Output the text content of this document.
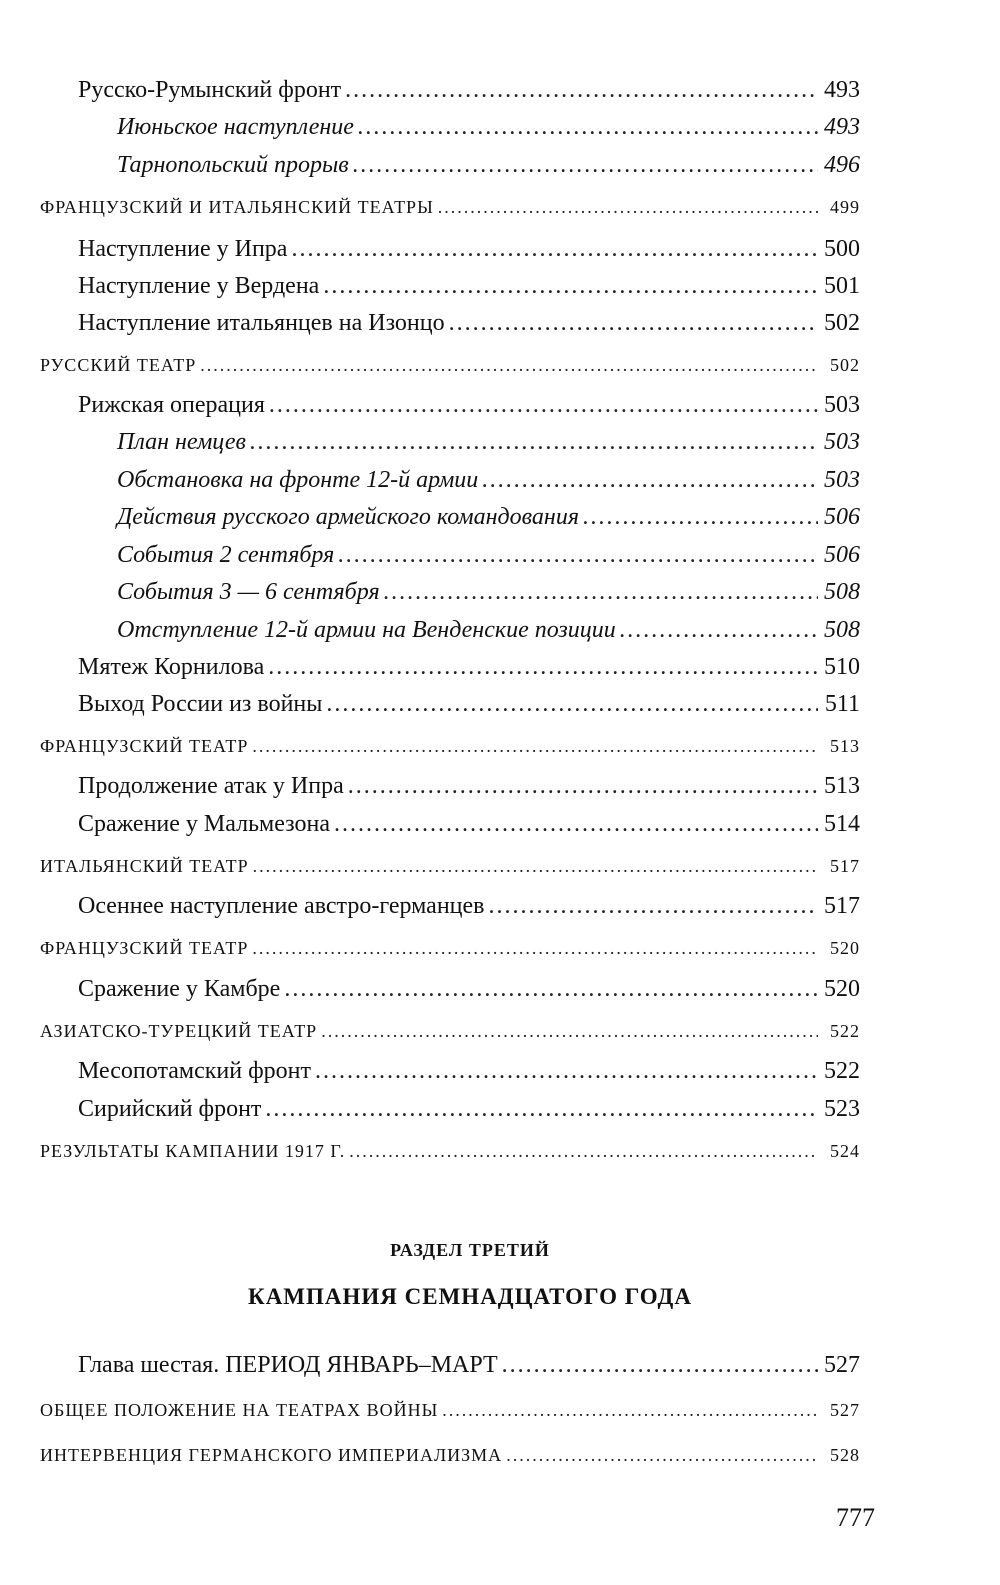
Русско-Румынский фронт .....	493
Июньское наступление .....	493
Тарнопольский прорыв .....	496
ФРАНЦУЗСКИЙ И ИТАЛЬЯНСКИЙ ТЕАТРЫ .....	499
Наступление у Ипра .....	500
Наступление у Вердена .....	501
Наступление итальянцев на Изонцо .....	502
РУССКИЙ ТЕАТР .....	502
Рижская операция .....	503
План немцев .....	503
Обстановка на фронте 12-й армии .....	503
Действия русского армейского командования .....	506
События 2 сентября .....	506
События 3 — 6 сентября .....	508
Отступление 12-й армии на Венденские позиции .....	508
Мятеж Корнилова .....	510
Выход России из войны .....	511
ФРАНЦУЗСКИЙ ТЕАТР .....	513
Продолжение атак у Ипра .....	513
Сражение у Мальмезона .....	514
ИТАЛЬЯНСКИЙ ТЕАТР .....	517
Осеннее наступление австро-германцев .....	517
ФРАНЦУЗСКИЙ ТЕАТР .....	520
Сражение у Камбре .....	520
АЗИАТСКО-ТУРЕЦКИЙ ТЕАТР .....	522
Месопотамский фронт .....	522
Сирийский фронт .....	523
РЕЗУЛЬТАТЫ КАМПАНИИ 1917 Г. .....	524
Глава шестая. ПЕРИОД ЯНВАРЬ–МАРТ .....	527
ОБЩЕЕ ПОЛОЖЕНИЕ НА ТЕАТРАХ ВОЙНЫ .....	527
ИНТЕРВЕНЦИЯ ГЕРМАНСКОГО ИМПЕРИАЛИЗМА .....	528
РАЗДЕЛ ТРЕТИЙ
КАМПАНИЯ СЕМНАДЦАТОГО ГОДА
777
